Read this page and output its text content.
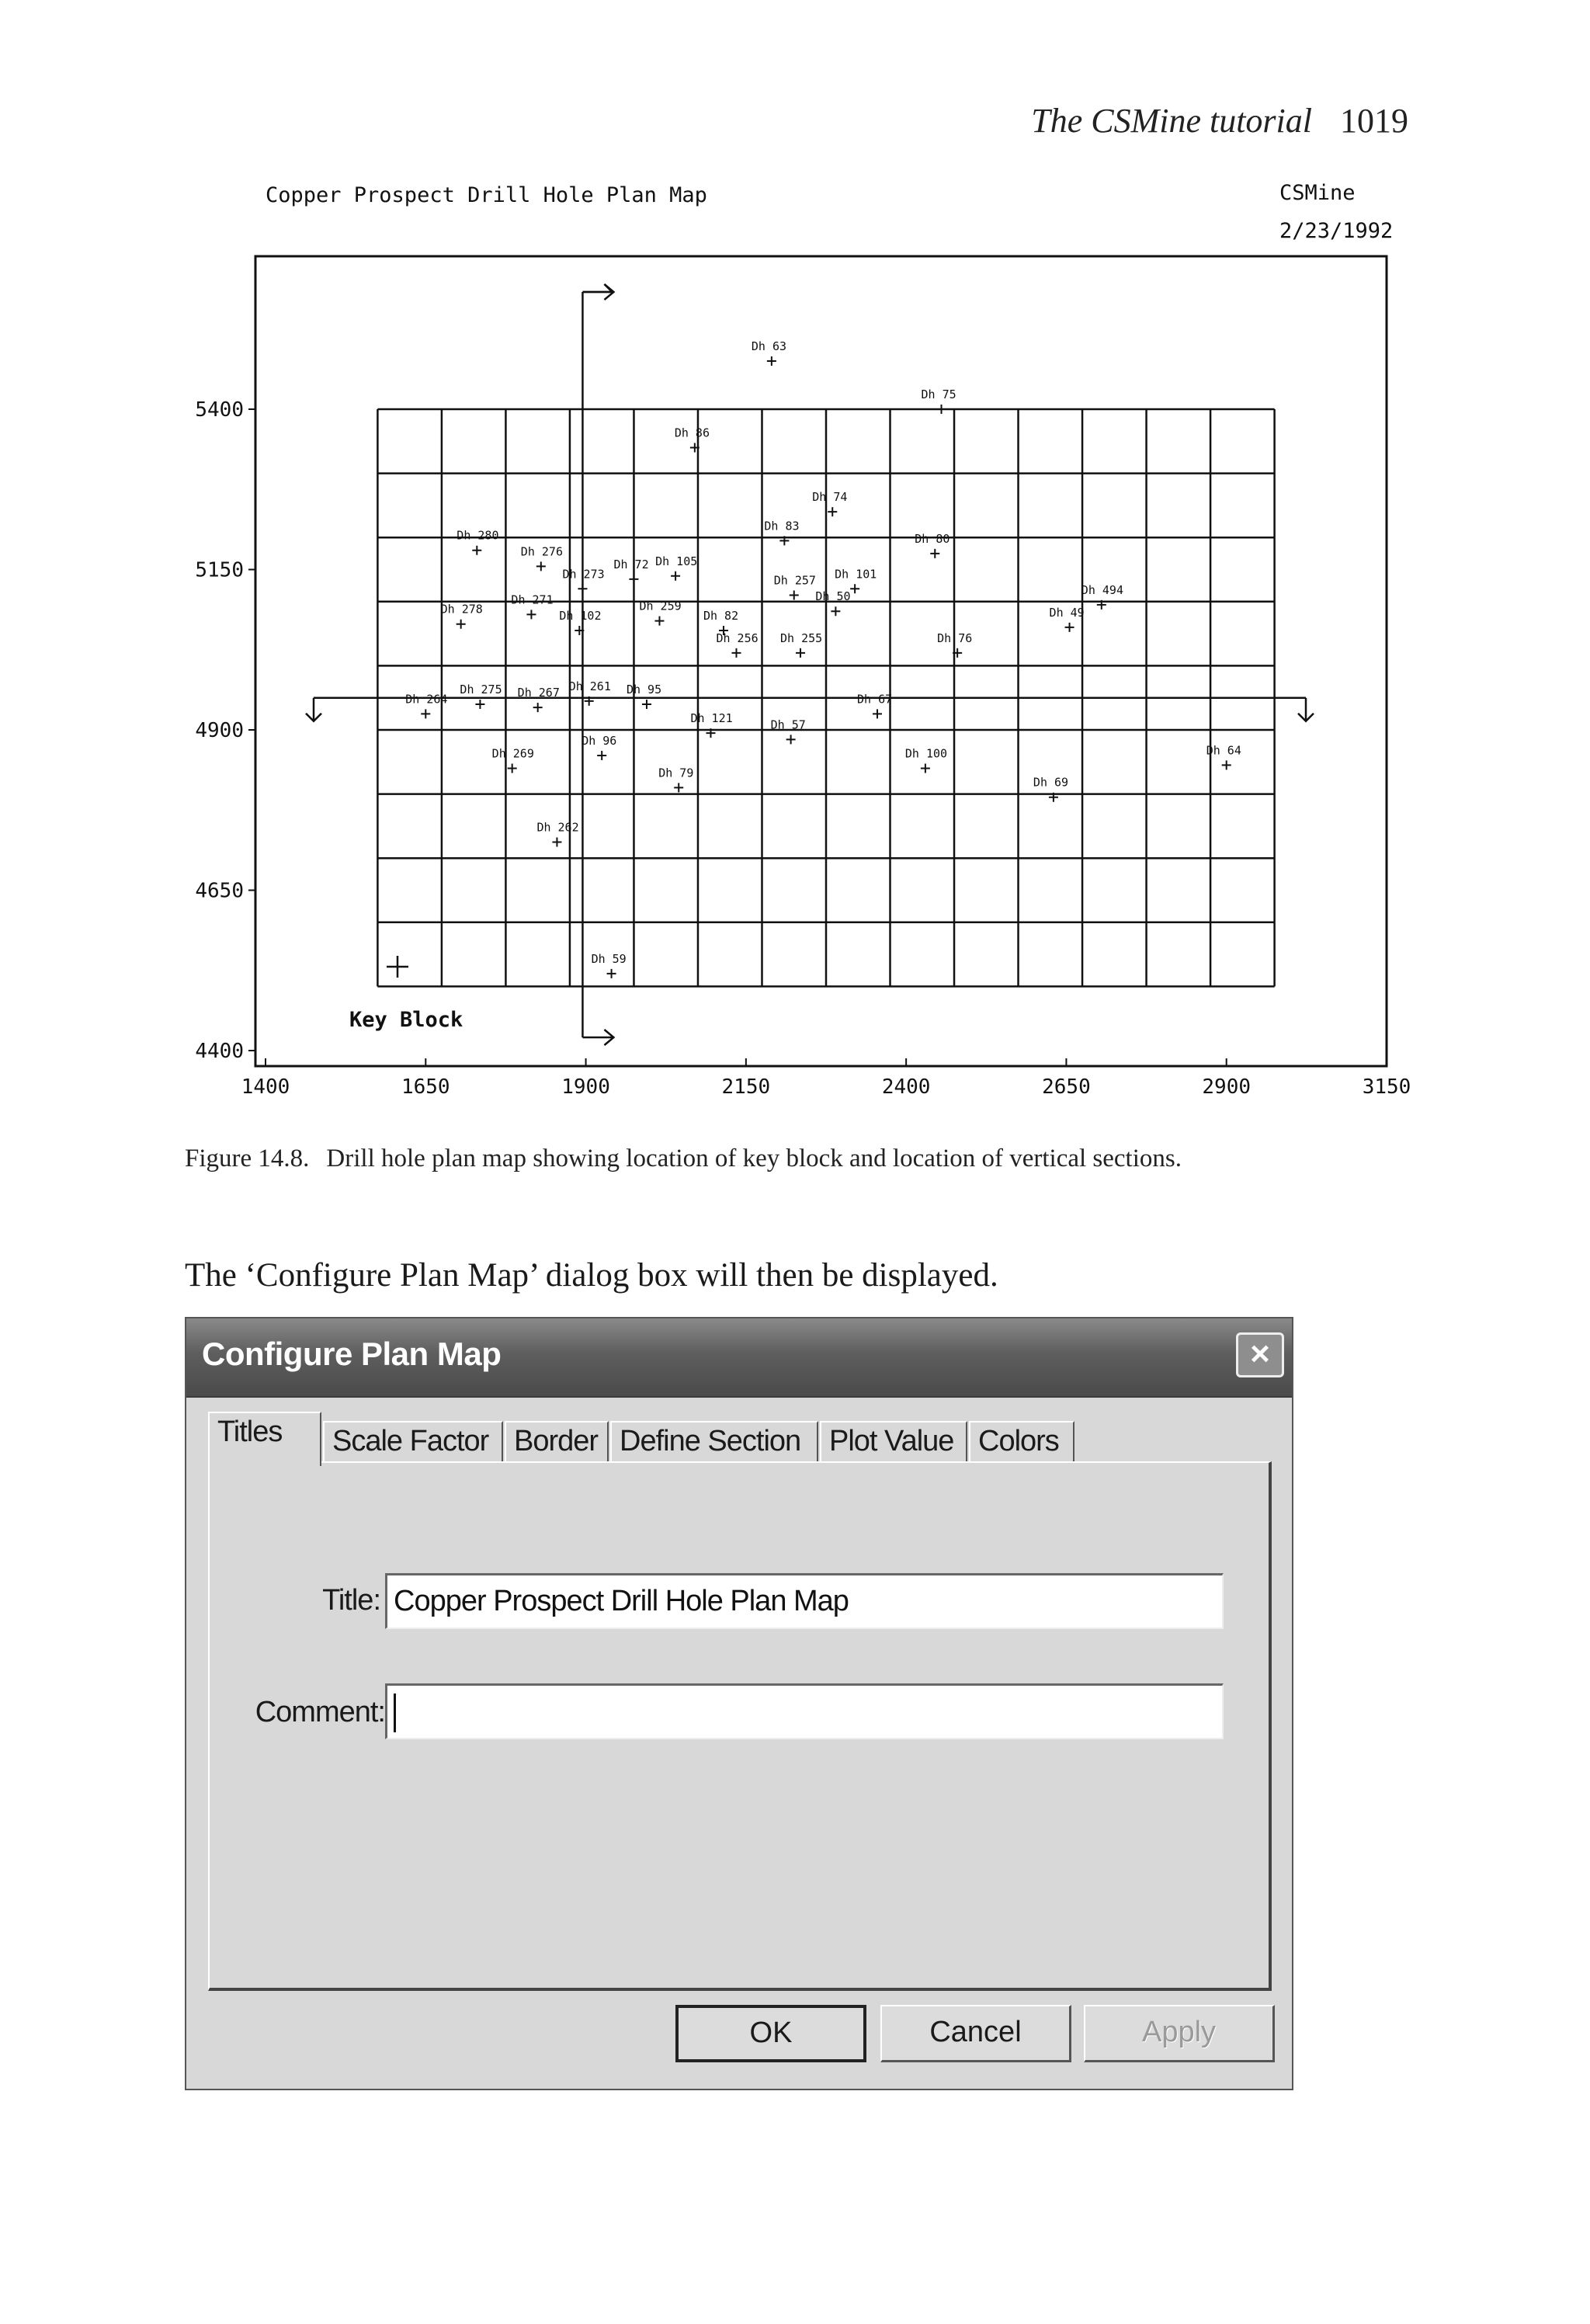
The CSMine tutorial 1019
Copper Prospect Drill Hole Plan Map	CSMine
2/23/1992
1400	1650	1900	2150	2400	2650	2900	3150
4400
4650
4900
5150
5400
Dh 63
Dh 75
Dh 86
Dh 74
Dh 83
Dh 280
Dh 276
Dh 80
Dh 273
Dh 72 Dh 105
Dh 257 Dh 101
Dh 50	Dh 494
Dh 278
Dh 271
Dh 102
Dh 259
Dh 82	Dh 49
Dh 256 Dh 255	Dh 76
Dh 264
Dh 275 Dh 267 Dh 261 Dh 95
Dh 67
Dh 121	Dh 57
Dh 96
Dh 269
Dh 79
Dh 100	Dh 64
Dh 69
Dh 262
Dh 59
Key Block
Figure 14.8. Drill hole plan map showing location of key block and location of vertical sections.
The ‘Configure Plan Map’ dialog box will then be displayed.
Configure Plan Map	×
Titles	Scale Factor Border Define Section Plot Value Colors
Title:
Copper Prospect Drill Hole Plan Map
Comment:
OK	Cancel	Apply
